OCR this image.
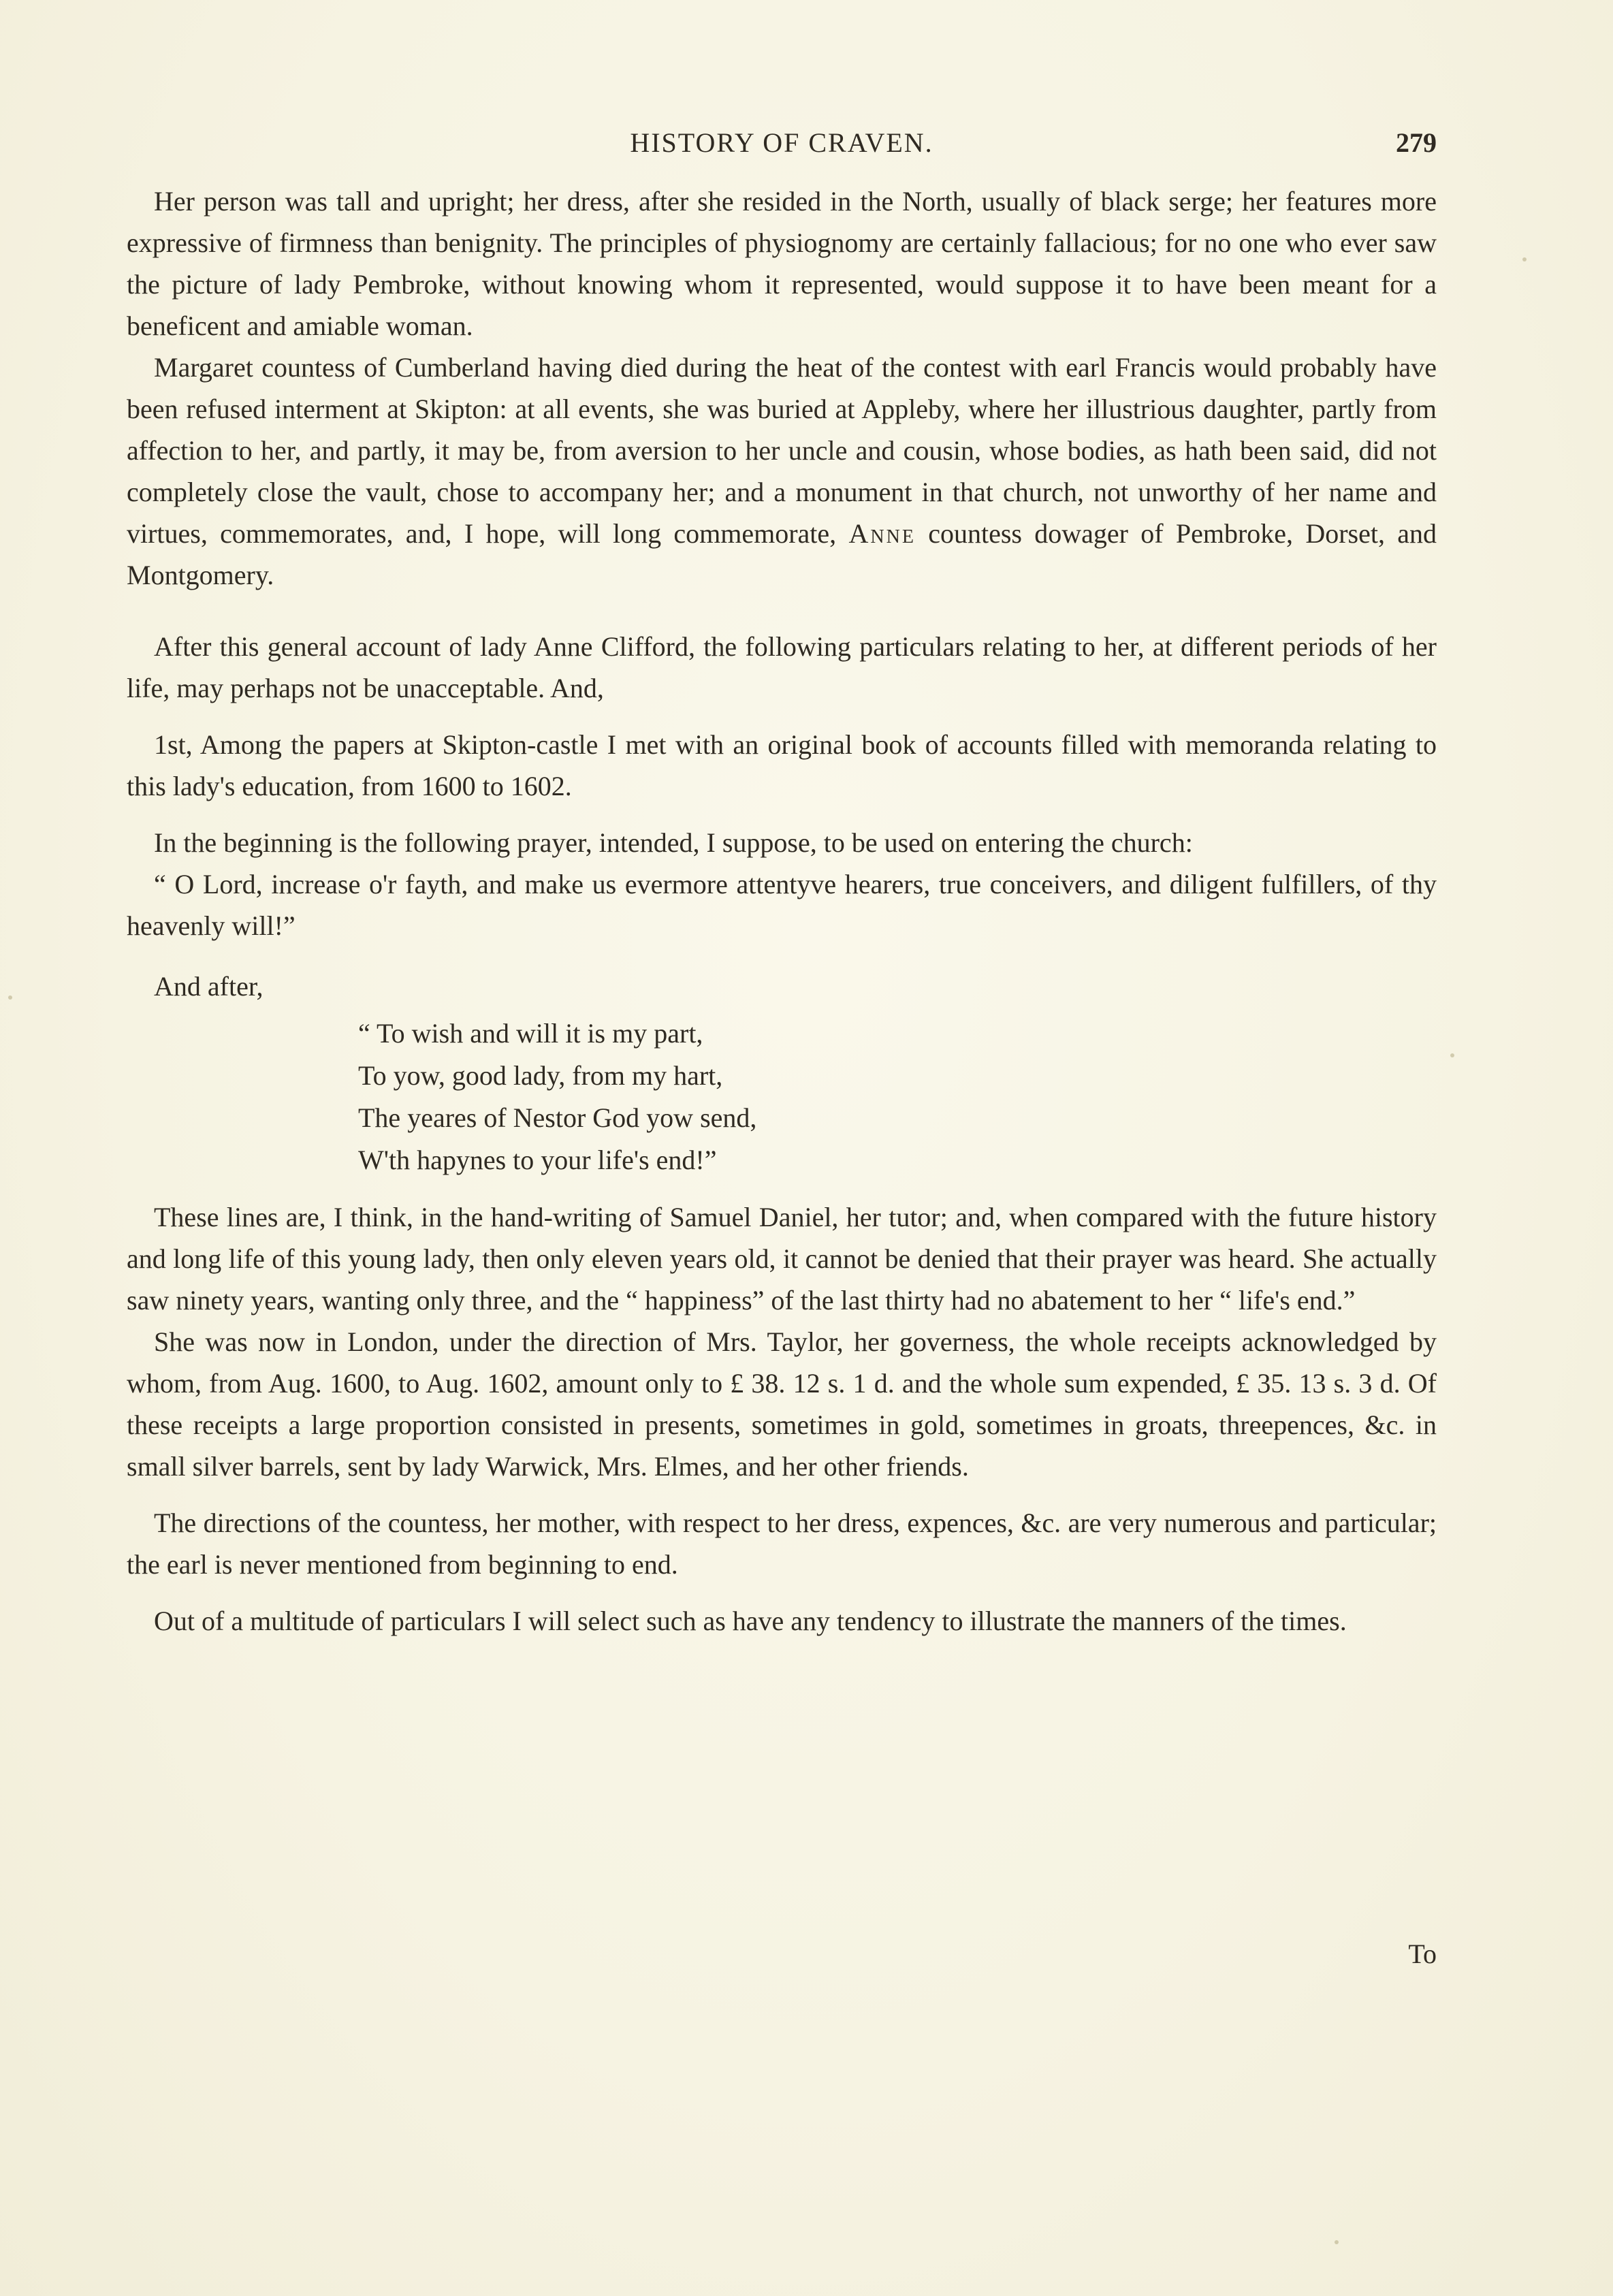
HISTORY OF CRAVEN.	279

Her person was tall and upright; her dress, after she resided in the North, usually of black serge; her features more expressive of firmness than benignity. The principles of physiognomy are certainly fallacious; for no one who ever saw the picture of lady Pembroke, without knowing whom it represented, would suppose it to have been meant for a beneficent and amiable woman.

Margaret countess of Cumberland having died during the heat of the contest with earl Francis would probably have been refused interment at Skipton: at all events, she was buried at Appleby, where her illustrious daughter, partly from affection to her, and partly, it may be, from aversion to her uncle and cousin, whose bodies, as hath been said, did not completely close the vault, chose to accompany her; and a monument in that church, not unworthy of her name and virtues, commemorates, and, I hope, will long commemorate, Anne countess dowager of Pembroke, Dorset, and Montgomery.

After this general account of lady Anne Clifford, the following particulars relating to her, at different periods of her life, may perhaps not be unacceptable. And,

1st, Among the papers at Skipton-castle I met with an original book of accounts filled with memoranda relating to this lady's education, from 1600 to 1602.

In the beginning is the following prayer, intended, I suppose, to be used on entering the church:

“ O Lord, increase o'r fayth, and make us evermore attentyve hearers, true conceivers, and diligent fulfillers, of thy heavenly will!”

And after,

“ To wish and will it is my part,
To yow, good lady, from my hart,
The yeares of Nestor God yow send,
W'th hapynes to your life's end!”

These lines are, I think, in the hand-writing of Samuel Daniel, her tutor; and, when compared with the future history and long life of this young lady, then only eleven years old, it cannot be denied that their prayer was heard. She actually saw ninety years, wanting only three, and the “ happiness” of the last thirty had no abatement to her “ life's end.”

She was now in London, under the direction of Mrs. Taylor, her governess, the whole receipts acknowledged by whom, from Aug. 1600, to Aug. 1602, amount only to £ 38. 12 s. 1 d. and the whole sum expended, £ 35. 13 s. 3 d. Of these receipts a large proportion consisted in presents, sometimes in gold, sometimes in groats, threepences, &c. in small silver barrels, sent by lady Warwick, Mrs. Elmes, and her other friends.

The directions of the countess, her mother, with respect to her dress, expences, &c. are very numerous and particular; the earl is never mentioned from beginning to end.

Out of a multitude of particulars I will select such as have any tendency to illustrate the manners of the times.

To
